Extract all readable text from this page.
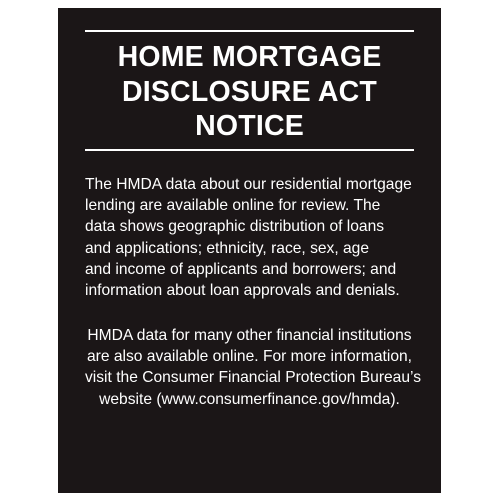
HOME MORTGAGE
DISCLOSURE ACT
NOTICE
The HMDA data about our residential mortgage
lending are available online for review. The
data shows geographic distribution of loans
and applications; ethnicity, race, sex, age
and income of applicants and borrowers; and
information about loan approvals and denials.
HMDA data for many other financial institutions
are also available online. For more information,
visit the Consumer Financial Protection Bureau’s
website (www.consumerfinance.gov/hmda).
